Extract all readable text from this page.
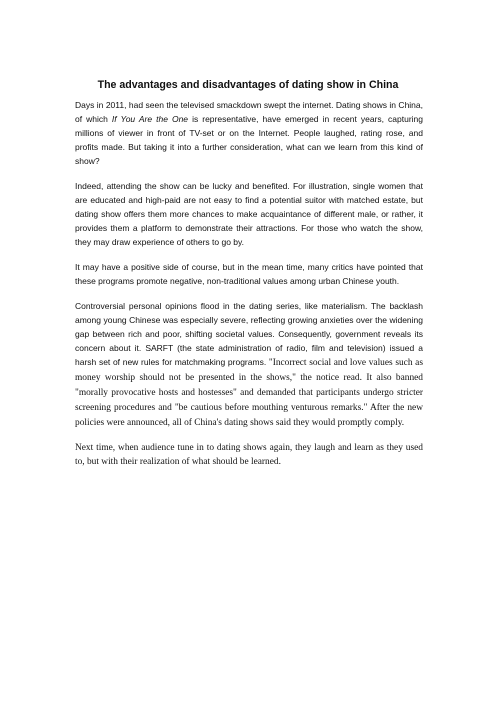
The advantages and disadvantages of dating show in China

Days in 2011, had seen the televised smackdown swept the internet. Dating shows in China, of which If You Are the One is representative, have emerged in recent years, capturing millions of viewer in front of TV-set or on the Internet. People laughed, rating rose, and profits made. But taking it into a further consideration, what can we learn from this kind of show?

Indeed, attending the show can be lucky and benefited. For illustration, single women that are educated and high-paid are not easy to find a potential suitor with matched estate, but dating show offers them more chances to make acquaintance of different male, or rather, it provides them a platform to demonstrate their attractions. For those who watch the show, they may draw experience of others to go by.

It may have a positive side of course, but in the mean time, many critics have pointed that these programs promote negative, non-traditional values among urban Chinese youth.

Controversial personal opinions flood in the dating series, like materialism. The backlash among young Chinese was especially severe, reflecting growing anxieties over the widening gap between rich and poor, shifting societal values. Consequently, government reveals its concern about it. SARFT (the state administration of radio, film and television) issued a harsh set of new rules for matchmaking programs. "Incorrect social and love values such as money worship should not be presented in the shows," the notice read. It also banned "morally provocative hosts and hostesses" and demanded that participants undergo stricter screening procedures and "be cautious before mouthing venturous remarks." After the new policies were announced, all of China's dating shows said they would promptly comply.

Next time, when audience tune in to dating shows again, they laugh and learn as they used to, but with their realization of what should be learned.
